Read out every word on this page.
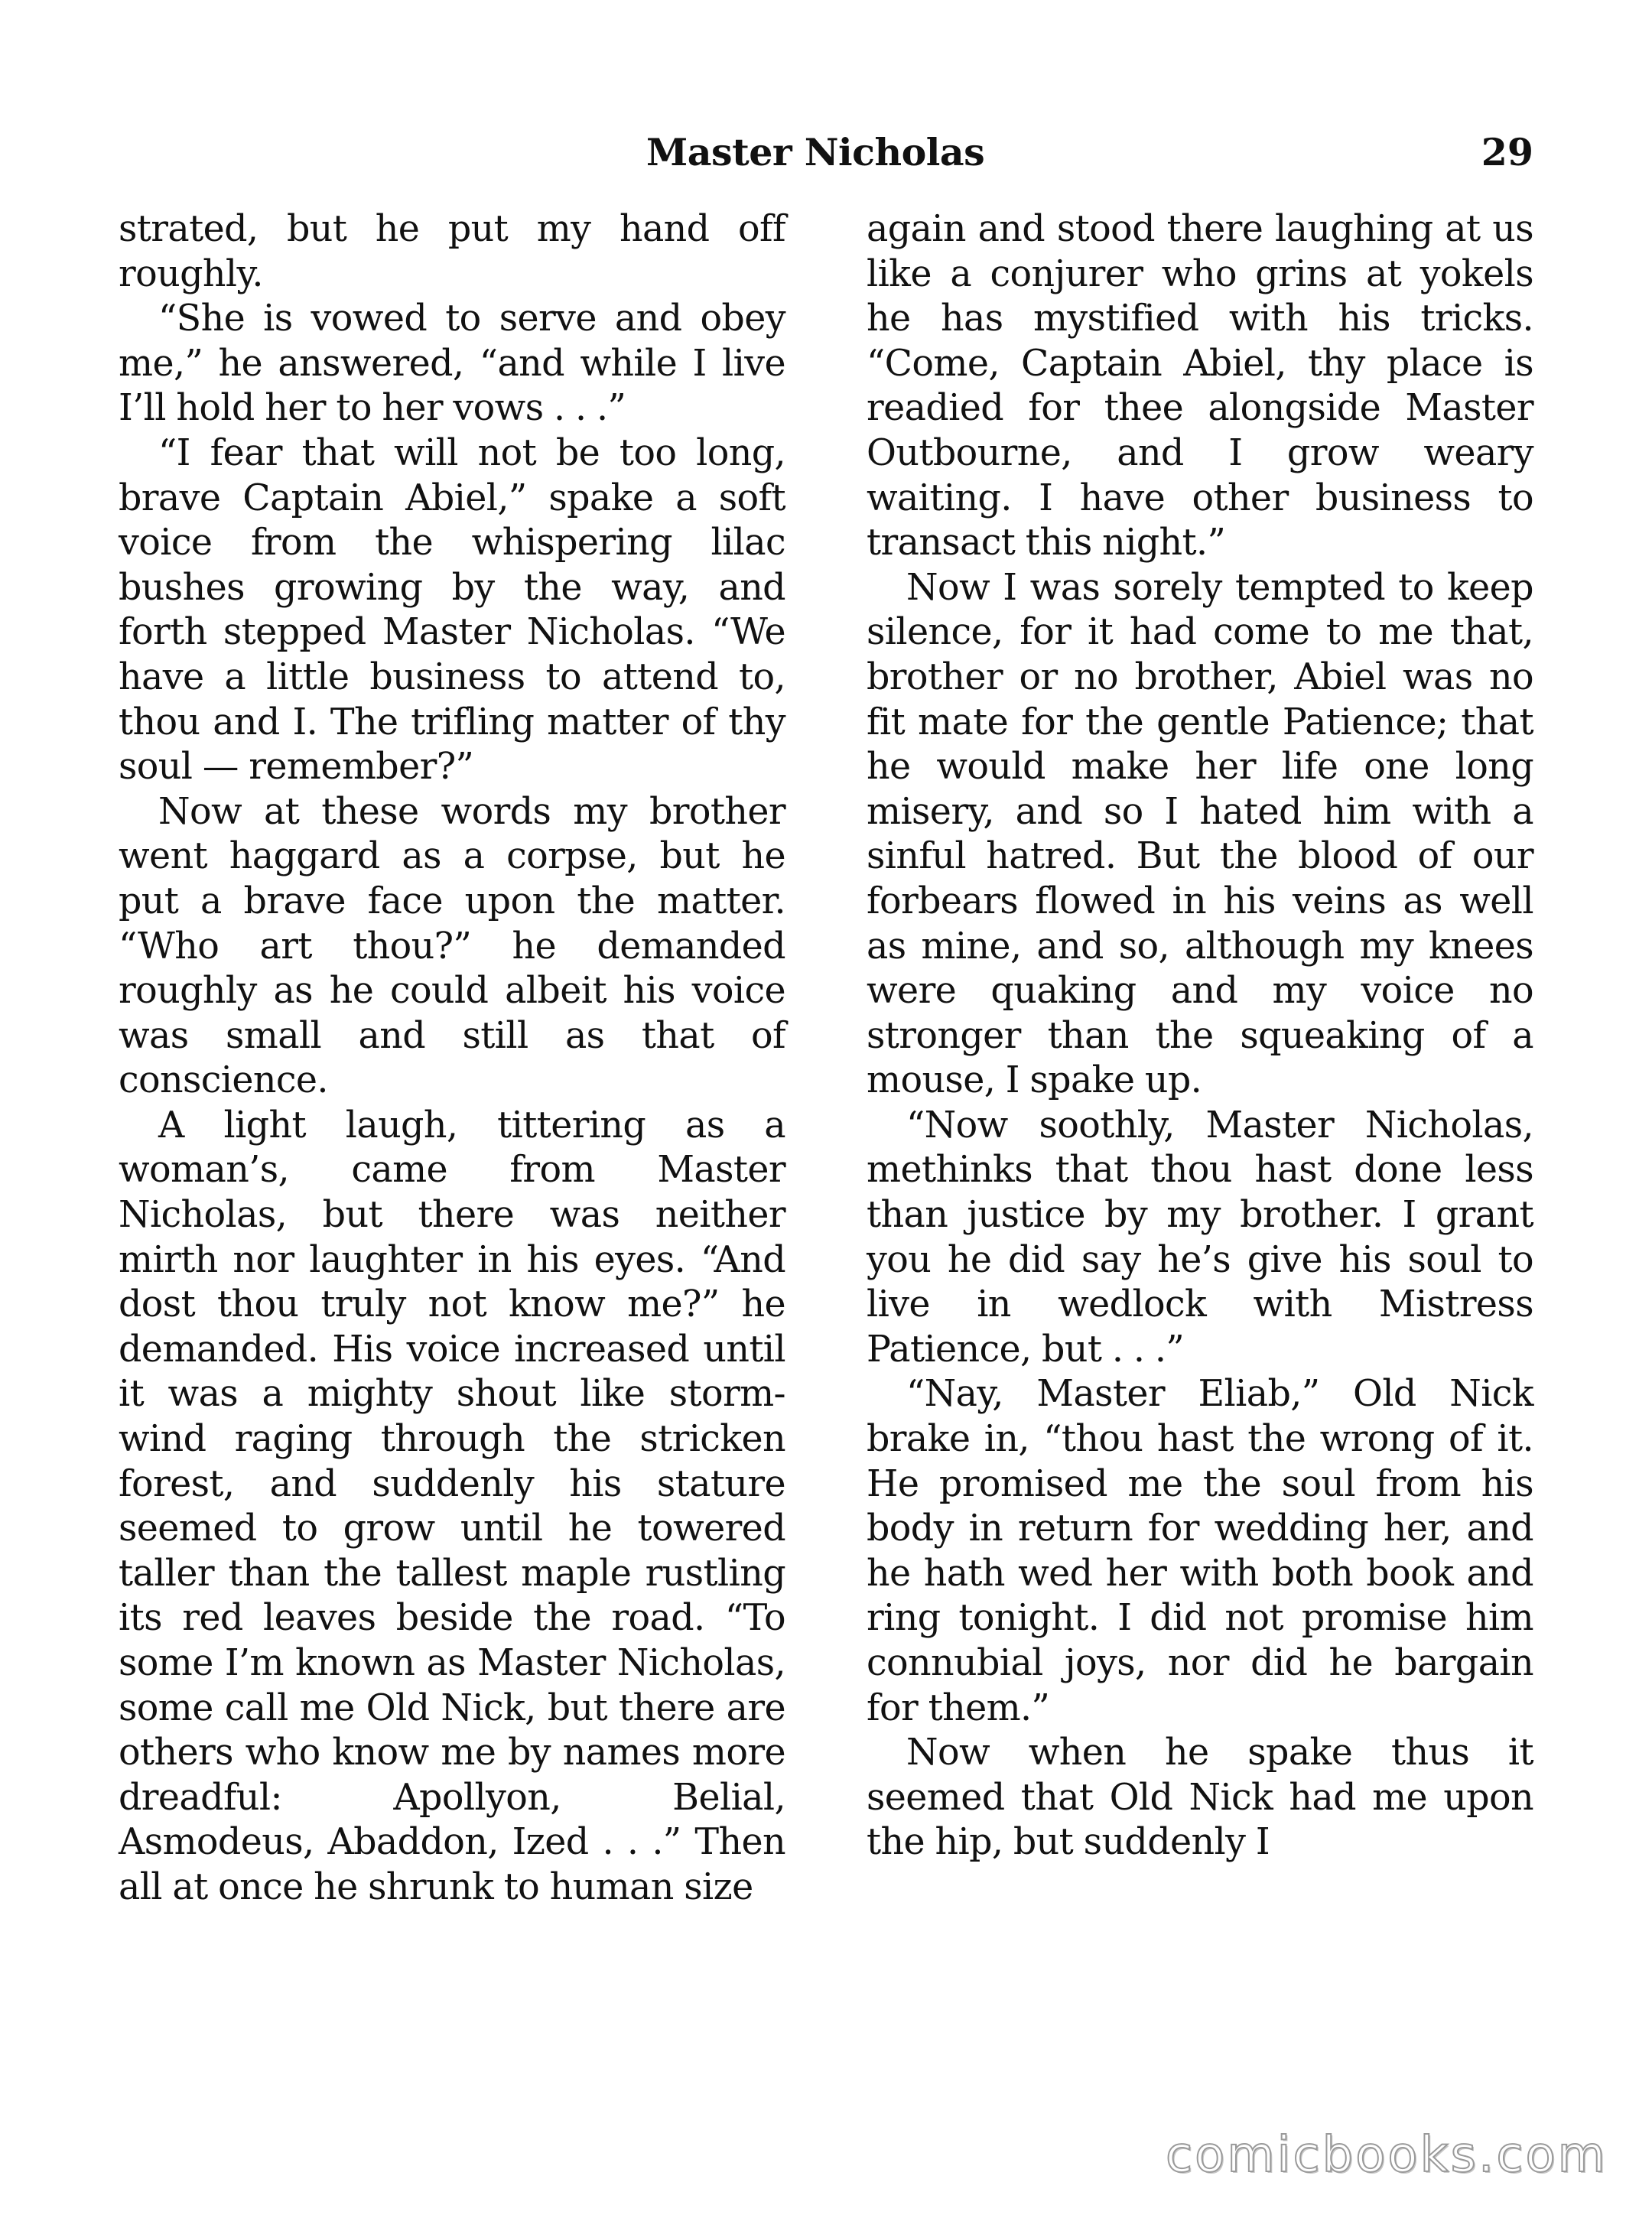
Master Nicholas	29

strated, but he put my hand off roughly.

“She is vowed to serve and obey me,” he answered, “and while I live I’ll hold her to her vows . . .”

“I fear that will not be too long, brave Captain Abiel,” spake a soft voice from the whispering lilac bushes growing by the way, and forth stepped Master Nicholas. “We have a little business to attend to, thou and I. The trifling matter of thy soul — remember?”

Now at these words my brother went haggard as a corpse, but he put a brave face upon the matter. “Who art thou?” he demanded roughly as he could albeit his voice was small and still as that of conscience.

A light laugh, tittering as a woman’s, came from Master Nicholas, but there was neither mirth nor laughter in his eyes. “And dost thou truly not know me?” he demanded. His voice increased until it was a mighty shout like storm-wind raging through the stricken forest, and suddenly his stature seemed to grow until he towered taller than the tallest maple rustling its red leaves beside the road. “To some I’m known as Master Nicholas, some call me Old Nick, but there are others who know me by names more dreadful: Apollyon, Belial, Asmodeus, Abaddon, Ized . . .” Then all at once he shrunk to human size

again and stood there laughing at us like a conjurer who grins at yokels he has mystified with his tricks. “Come, Captain Abiel, thy place is readied for thee alongside Master Outbourne, and I grow weary waiting. I have other business to transact this night.”

Now I was sorely tempted to keep silence, for it had come to me that, brother or no brother, Abiel was no fit mate for the gentle Patience; that he would make her life one long misery, and so I hated him with a sinful hatred. But the blood of our forbears flowed in his veins as well as mine, and so, although my knees were quaking and my voice no stronger than the squeaking of a mouse, I spake up.

“Now soothly, Master Nicholas, methinks that thou hast done less than justice by my brother. I grant you he did say he’s give his soul to live in wedlock with Mistress Patience, but . . .”

“Nay, Master Eliab,” Old Nick brake in, “thou hast the wrong of it. He promised me the soul from his body in return for wedding her, and he hath wed her with both book and ring tonight. I did not promise him connubial joys, nor did he bargain for them.”

Now when he spake thus it seemed that Old Nick had me upon the hip, but suddenly I

comicbooks.com
